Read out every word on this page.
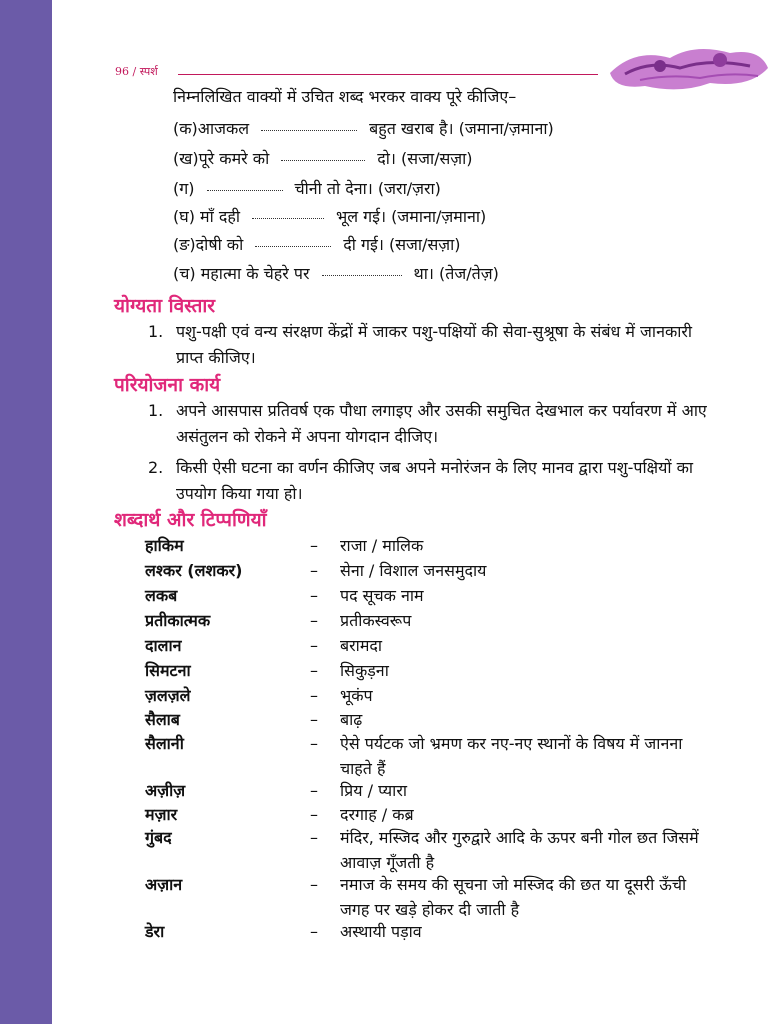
96 / स्पर्श
निम्नलिखित वाक्यों में उचित शब्द भरकर वाक्य पूरे कीजिए–
(क)आजकल	बहुत खराब है। (जमाना/ज़माना)
(ख)पूरे कमरे को	दो। (सजा/सज़ा)
(ग)	चीनी तो देना। (जरा/ज़रा)
(घ) माँ दही	भूल गई। (जमाना/ज़माना)
(ङ)दोषी को	दी गई। (सजा/सज़ा)
(च) महात्मा के चेहरे पर	था। (तेज/तेज़)
योग्यता विस्तार
1. पशु-पक्षी एवं वन्य संरक्षण केंद्रों में जाकर पशु-पक्षियों की सेवा-सुश्रूषा के संबंध में जानकारी प्राप्त कीजिए।
परियोजना कार्य
1. अपने आसपास प्रतिवर्ष एक पौधा लगाइए और उसकी समुचित देखभाल कर पर्यावरण में आए असंतुलन को रोकने में अपना योगदान दीजिए।
2. किसी ऐसी घटना का वर्णन कीजिए जब अपने मनोरंजन के लिए मानव द्वारा पशु-पक्षियों का उपयोग किया गया हो।
शब्दार्थ और टिप्पणियाँ
हाकिम	– राजा / मालिक
लश्कर (लशकर)	– सेना / विशाल जनसमुदाय
लकब	– पद सूचक नाम
प्रतीकात्मक	– प्रतीकस्वरूप
दालान	– बरामदा
सिमटना	– सिकुड़ना
ज़लज़ले	– भूकंप
सैलाब	– बाढ़
सैलानी	– ऐसे पर्यटक जो भ्रमण कर नए-नए स्थानों के विषय में जानना चाहते हैं
अज़ीज़	– प्रिय / प्यारा
मज़ार	– दरगाह / कब्र
गुंबद	– मंदिर, मस्जिद और गुरुद्वारे आदि के ऊपर बनी गोल छत जिसमें आवाज़ गूँजती है
अज़ान	– नमाज के समय की सूचना जो मस्जिद की छत या दूसरी ऊँची जगह पर खड़े होकर दी जाती है
डेरा	– अस्थायी पड़ाव
